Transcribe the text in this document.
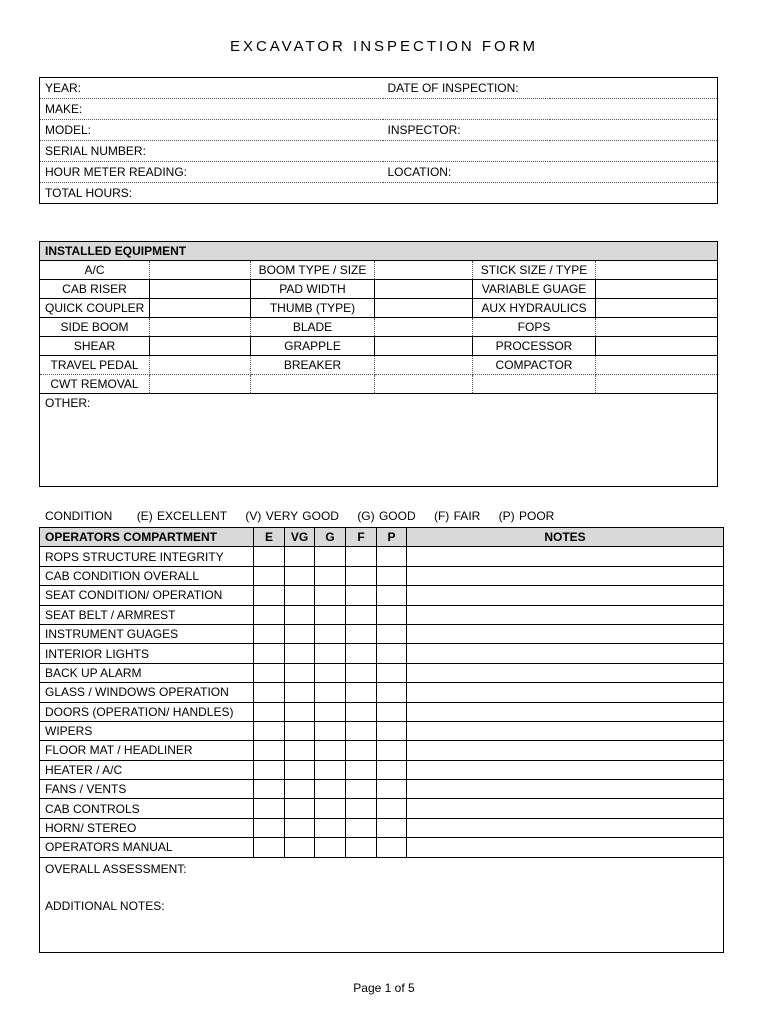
EXCAVATOR INSPECTION FORM
YEAR:	DATE OF INSPECTION:	
MAKE:		
MODEL:	INSPECTOR:	
SERIAL NUMBER:		
HOUR METER READING:	LOCATION:	
TOTAL HOURS:		
INSTALLED EQUIPMENT					
A/C		BOOM TYPE / SIZE		STICK SIZE / TYPE	
CAB RISER		PAD WIDTH		VARIABLE GUAGE	
QUICK COUPLER		THUMB (TYPE)		AUX HYDRAULICS	
SIDE BOOM		BLADE		FOPS	
SHEAR		GRAPPLE		PROCESSOR	
TRAVEL PEDAL		BREAKER		COMPACTOR	
CWT REMOVAL					
OTHER:					
CONDITION (E) EXCELLENT (V) VERY GOOD (G) GOOD (F) FAIR (P) POOR
OPERATORS COMPARTMENT	E	VG	G	F	P	NOTES
ROPS STRUCTURE INTEGRITY						
CAB CONDITION OVERALL						
SEAT CONDITION/ OPERATION						
SEAT BELT / ARMREST						
INSTRUMENT GUAGES						
INTERIOR LIGHTS						
BACK UP ALARM						
GLASS / WINDOWS OPERATION						
DOORS (OPERATION/ HANDLES)						
WIPERS						
FLOOR MAT / HEADLINER						
HEATER / A/C						
FANS / VENTS						
CAB CONTROLS						
HORN/ STEREO						
OPERATORS MANUAL						
OVERALL ASSESSMENT:
ADDITIONAL NOTES:						
Page 1 of 5
